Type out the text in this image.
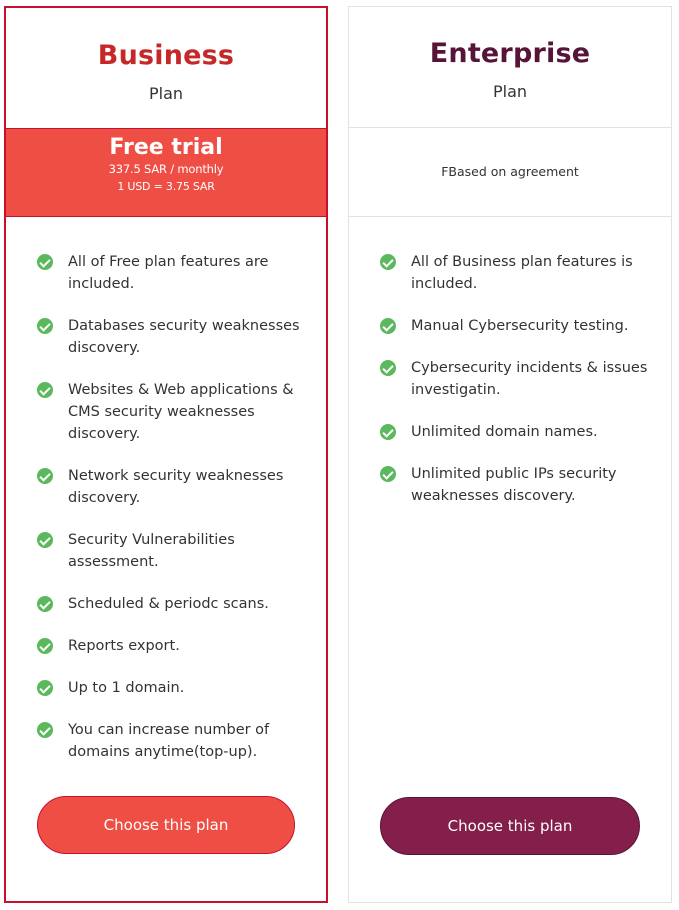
Business
Plan
Free trial
337.5 SAR / monthly
1 USD = 3.75 SAR
All of Free plan features are included.
Databases security weaknesses discovery.
Websites & Web applications & CMS security weaknesses discovery.
Network security weaknesses discovery.
Security Vulnerabilities assessment.
Scheduled & periodc scans.
Reports export.
Up to 1 domain.
You can increase number of domains anytime(top-up).
Choose this plan
Enterprise
Plan
FBased on agreement
All of Business plan features is included.
Manual Cybersecurity testing.
Cybersecurity incidents & issues investigatin.
Unlimited domain names.
Unlimited public IPs security weaknesses discovery.
Choose this plan
